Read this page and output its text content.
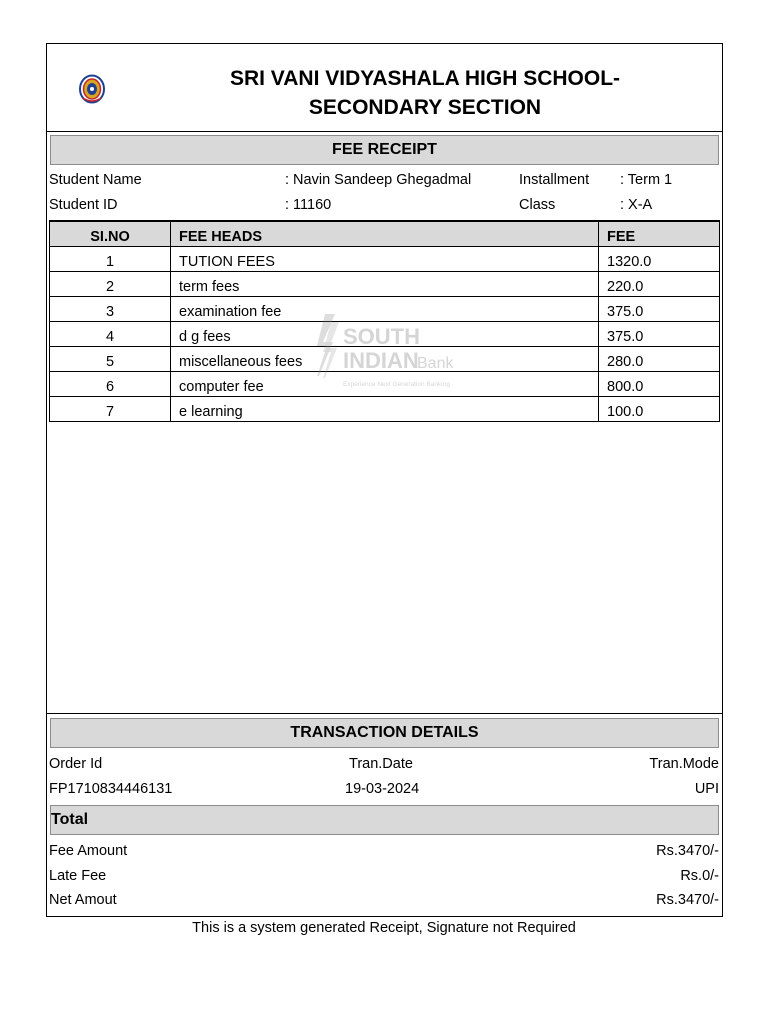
SRI VANI VIDYASHALA HIGH SCHOOL-
SECONDARY SECTION
FEE RECEIPT
Student Name	: Navin Sandeep Ghegadmal	Installment : Term 1
Student ID	: 11160	Class	: X-A
SI.NO	FEE HEADS	FEE
1	TUTION FEES	1320.0
2	term fees	220.0
3	examination fee	375.0
4	d g fees	375.0
5	miscellaneous fees	280.0
6	computer fee	800.0
7	e learning	100.0
SOUTH
INDIAN
Bank
Experience Next Generation Banking
TRANSACTION DETAILS
Order Id	Tran.Date	Tran.Mode
FP1710834446131	19-03-2024	UPI
Total
Fee Amount	Rs.3470/-
Late Fee	Rs.0/-
Net Amout	Rs.3470/-
This is a system generated Receipt, Signature not Required
